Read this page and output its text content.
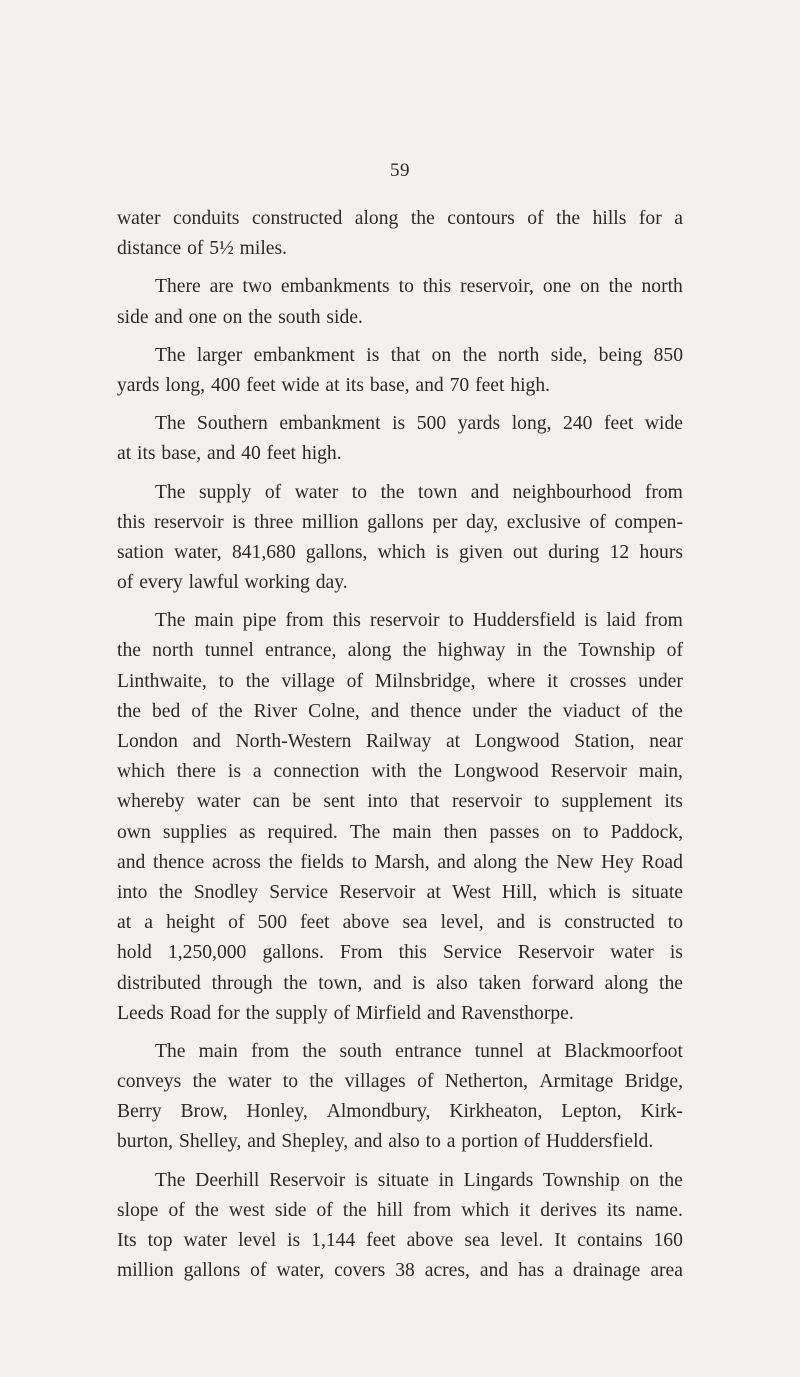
59
water conduits constructed along the contours of the hills for a
distance of 5½ miles.
There are two embankments to this reservoir, one on the north
side and one on the south side.
The larger embankment is that on the north side, being 850
yards long, 400 feet wide at its base, and 70 feet high.
The Southern embankment is 500 yards long, 240 feet wide
at its base, and 40 feet high.
The supply of water to the town and neighbourhood from
this reservoir is three million gallons per day, exclusive of compen-
sation water, 841,680 gallons, which is given out during 12 hours
of every lawful working day.
The main pipe from this reservoir to Huddersfield is laid from
the north tunnel entrance, along the highway in the Township of
Linthwaite, to the village of Milnsbridge, where it crosses under
the bed of the River Colne, and thence under the viaduct of the
London and North-Western Railway at Longwood Station, near
which there is a connection with the Longwood Reservoir main,
whereby water can be sent into that reservoir to supplement its
own supplies as required. The main then passes on to Paddock,
and thence across the fields to Marsh, and along the New Hey Road
into the Snodley Service Reservoir at West Hill, which is situate
at a height of 500 feet above sea level, and is constructed to
hold 1,250,000 gallons. From this Service Reservoir water is
distributed through the town, and is also taken forward along the
Leeds Road for the supply of Mirfield and Ravensthorpe.
The main from the south entrance tunnel at Blackmoorfoot
conveys the water to the villages of Netherton, Armitage Bridge,
Berry Brow, Honley, Almondbury, Kirkheaton, Lepton, Kirk-
burton, Shelley, and Shepley, and also to a portion of Huddersfield.
The Deerhill Reservoir is situate in Lingards Township on the
slope of the west side of the hill from which it derives its name.
Its top water level is 1,144 feet above sea level. It contains 160
million gallons of water, covers 38 acres, and has a drainage area
